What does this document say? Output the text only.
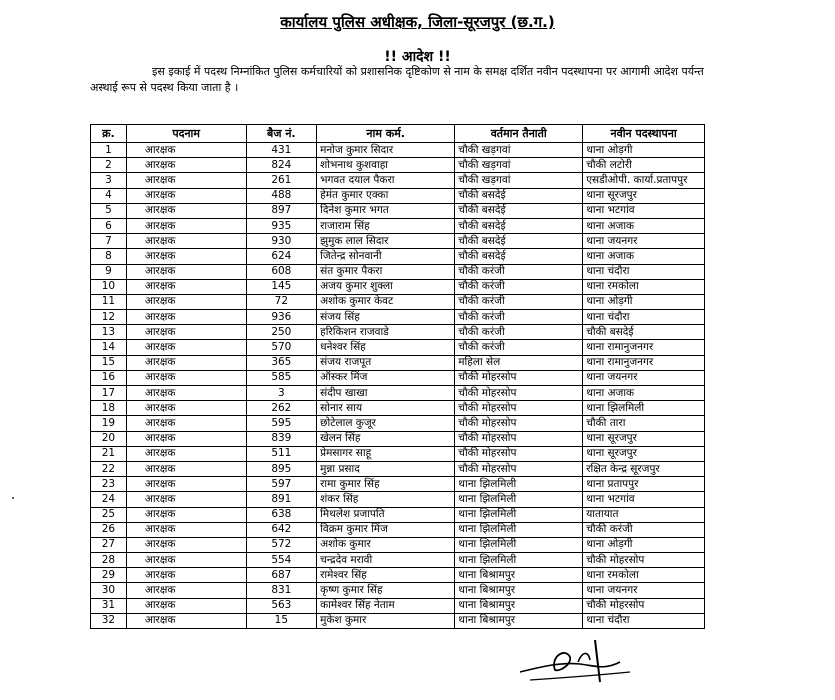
कार्यालय पुलिस अधीक्षक, जिला-सूरजपुर (छ.ग.)
!! आदेश !!
इस इकाई में पदस्थ निम्नांकित पुलिस कर्मचारियों को प्रशासनिक दृष्टिकोण से नाम के समक्ष दर्शित नवीन पदस्थापना पर आगामी आदेश पर्यन्त अस्थाई रूप से पदस्थ किया जाता है ।
क्र.	पदनाम	बैज नं.	नाम कर्म.	वर्तमान तैनाती	नवीन पदस्थापना
1	आरक्षक	431	मनोज कुमार सिदार	चौकी खड़गवां	थाना ओड़गी
2	आरक्षक	824	शोभनाथ कुशवाहा	चौकी खड़गवां	चौकी लटोरी
3	आरक्षक	261	भगवत दयाल पैकरा	चौकी खड़गवां	एसडीओपी. कार्या.प्रतापपुर
4	आरक्षक	488	हेमंत कुमार एक्का	चौकी बसदेई	थाना सूरजपुर
5	आरक्षक	897	दिनेश कुमार भगत	चौकी बसदेई	थाना भटगांव
6	आरक्षक	935	राजाराम सिंह	चौकी बसदेई	थाना अजाक
7	आरक्षक	930	झुमुक लाल सिदार	चौकी बसदेई	थाना जयनगर
8	आरक्षक	624	जितेन्द्र सोनवानी	चौकी बसदेई	थाना अजाक
9	आरक्षक	608	संत कुमार पैकरा	चौकी करंजी	थाना चंदौरा
10	आरक्षक	145	अजय कुमार शुक्ला	चौकी करंजी	थाना रमकोला
11	आरक्षक	72	अशोक कुमार केवट	चौकी करंजी	थाना ओड़गी
12	आरक्षक	936	संजय सिंह	चौकी करंजी	थाना चंदौरा
13	आरक्षक	250	हरिकिशन राजवाडे	चौकी करंजी	चौकी बसदेई
14	आरक्षक	570	धनेश्वर सिंह	चौकी करंजी	थाना रामानुजनगर
15	आरक्षक	365	संजय राजपूत	महिला सेल	थाना रामानुजनगर
16	आरक्षक	585	ऑस्कर मिंज	चौकी मोहरसोप	थाना जयनगर
17	आरक्षक	3	संदीप खाखा	चौकी मोहरसोप	थाना अजाक
18	आरक्षक	262	सोनार साय	चौकी मोहरसोप	थाना झिलमिली
19	आरक्षक	595	छोटेलाल कुजूर	चौकी मोहरसोप	चौकी तारा
20	आरक्षक	839	खेलन सिंह	चौकी मोहरसोप	थाना सूरजपुर
21	आरक्षक	511	प्रेमसागर साहू	चौकी मोहरसोप	थाना सूरजपुर
22	आरक्षक	895	मुन्ना प्रसाद	चौकी मोहरसोप	रक्षित केन्द्र सूरजपुर
23	आरक्षक	597	रामा कुमार सिंह	थाना झिलमिली	थाना प्रतापपुर
24	आरक्षक	891	शंकर सिंह	थाना झिलमिली	थाना भटगांव
25	आरक्षक	638	मिथलेश प्रजापति	थाना झिलमिली	यातायात
26	आरक्षक	642	विक्रम कुमार मिंज	थाना झिलमिली	चौकी करंजी
27	आरक्षक	572	अशोक कुमार	थाना झिलमिली	थाना ओड़गी
28	आरक्षक	554	चन्द्रदेव मरावी	थाना झिलमिली	चौकी मोहरसोप
29	आरक्षक	687	रामेश्वर सिंह	थाना बिश्रामपुर	थाना रमकोला
30	आरक्षक	831	कृष्ण कुमार सिंह	थाना बिश्रामपुर	थाना जयनगर
31	आरक्षक	563	कामेश्वर सिंह नेताम	थाना बिश्रामपुर	चौकी मोहरसोप
32	आरक्षक	15	मुकेश कुमार	थाना बिश्रामपुर	थाना चंदौरा
